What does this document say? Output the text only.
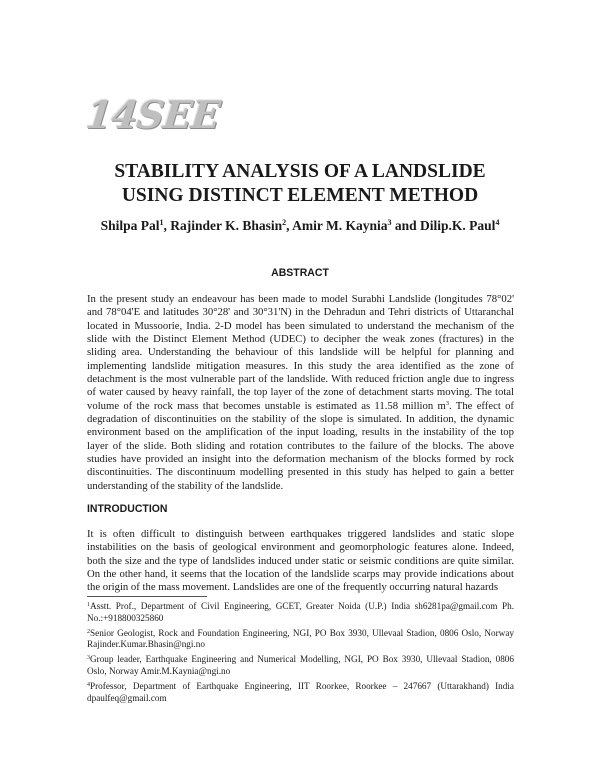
14SEE
STABILITY ANALYSIS OF A LANDSLIDE
USING DISTINCT ELEMENT METHOD
Shilpa Pal$^1$, Rajinder K. Bhasin$^2$, Amir M. Kaynia$^3$ and Dilip.K. Paul$^4$
ABSTRACT

In the present study an endeavour has been made to model Surabhi Landslide (longitudes 78°02' and 78°04'E and latitudes 30°28' and 30°31'N) in the Dehradun and Tehri districts of Uttaranchal located in Mussoorie, India. 2-D model has been simulated to understand the mechanism of the slide with the Distinct Element Method (UDEC) to decipher the weak zones (fractures) in the sliding area. Understanding the behaviour of this landslide will be helpful for planning and implementing landslide mitigation measures. In this study the area identified as the zone of detachment is the most vulnerable part of the landslide. With reduced friction angle due to ingress of water caused by heavy rainfall, the top layer of the zone of detachment starts moving. The total volume of the rock mass that becomes unstable is estimated as 11.58 million $m^3$. The effect of degradation of discontinuities on the stability of the slope is simulated. In addition, the dynamic environment based on the amplification of the input loading, results in the instability of the top layer of the slide. Both sliding and rotation contributes to the failure of the blocks. The above studies have provided an insight into the deformation mechanism of the blocks formed by rock discontinuities. The discontinuum modelling presented in this study has helped to gain a better understanding of the stability of the landslide.

INTRODUCTION

It is often difficult to distinguish between earthquakes triggered landslides and static slope instabilities on the basis of geological environment and geomorphologic features alone. Indeed, both the size and the type of landslides induced under static or seismic conditions are quite similar. On the other hand, it seems that the location of the landslide scarps may provide indications about the origin of the mass movement. Landslides are one of the frequently occurring natural hazards

$^1$Asstt. Prof., Department of Civil Engineering, GCET, Greater Noida (U.P.) India sh6281pa@gmail.com Ph. No.:+918800325860

$^2$Senior Geologist, Rock and Foundation Engineering, NGI, PO Box 3930, Ullevaal Stadion, 0806 Oslo, Norway Rajinder.Kumar.Bhasin@ngi.no

$^3$Group leader, Earthquake Engineering and Numerical Modelling, NGI, PO Box 3930, Ullevaal Stadion, 0806 Oslo, Norway Amir.M.Kaynia@ngi.no

$^4$Professor, Department of Earthquake Engineering, IIT Roorkee, Roorkee – 247667 (Uttarakhand) India dpaulfeq@gmail.com
